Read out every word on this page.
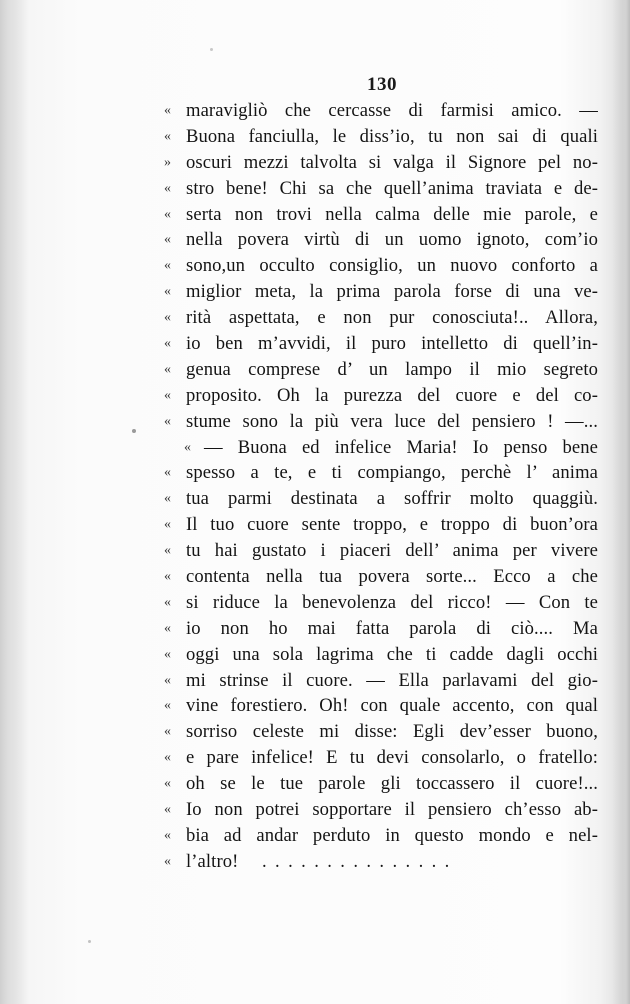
130
« maravigliò che cercasse di farmisi amico. —
« Buona fanciulla, le diss’io, tu non sai di quali
» oscuri mezzi talvolta si valga il Signore pel no-
« stro bene! Chi sa che quell’anima traviata e de-
« serta non trovi nella calma delle mie parole, e
« nella povera virtù di un uomo ignoto, com’io
« sono,un occulto consiglio, un nuovo conforto a
« miglior meta, la prima parola forse di una ve-
« rità aspettata, e non pur conosciuta!.. Allora,
« io ben m’avvidi, il puro intelletto di quell’in-
« genua comprese d’ un lampo il mio segreto
« proposito. Oh la purezza del cuore e del co-
« stume sono la più vera luce del pensiero ! —...
« — Buona ed infelice Maria! Io penso bene
« spesso a te, e ti compiango, perchè l’ anima
« tua parmi destinata a soffrir molto quaggiù.
« Il tuo cuore sente troppo, e troppo di buon’ora
« tu hai gustato i piaceri dell’ anima per vivere
« contenta nella tua povera sorte... Ecco a che
« si riduce la benevolenza del ricco! — Con te
« io non ho mai fatta parola di ciò.... Ma
« oggi una sola lagrima che ti cadde dagli occhi
« mi strinse il cuore. — Ella parlavami del gio-
« vine forestiero. Oh! con quale accento, con qual
« sorriso celeste mi disse: Egli dev’esser buono,
« e pare infelice! E tu devi consolarlo, o fratello:
« oh se le tue parole gli toccassero il cuore!...
« Io non potrei sopportare il pensiero ch’esso ab-
« bia ad andar perduto in questo mondo e nel-
« l’altro!	...............
